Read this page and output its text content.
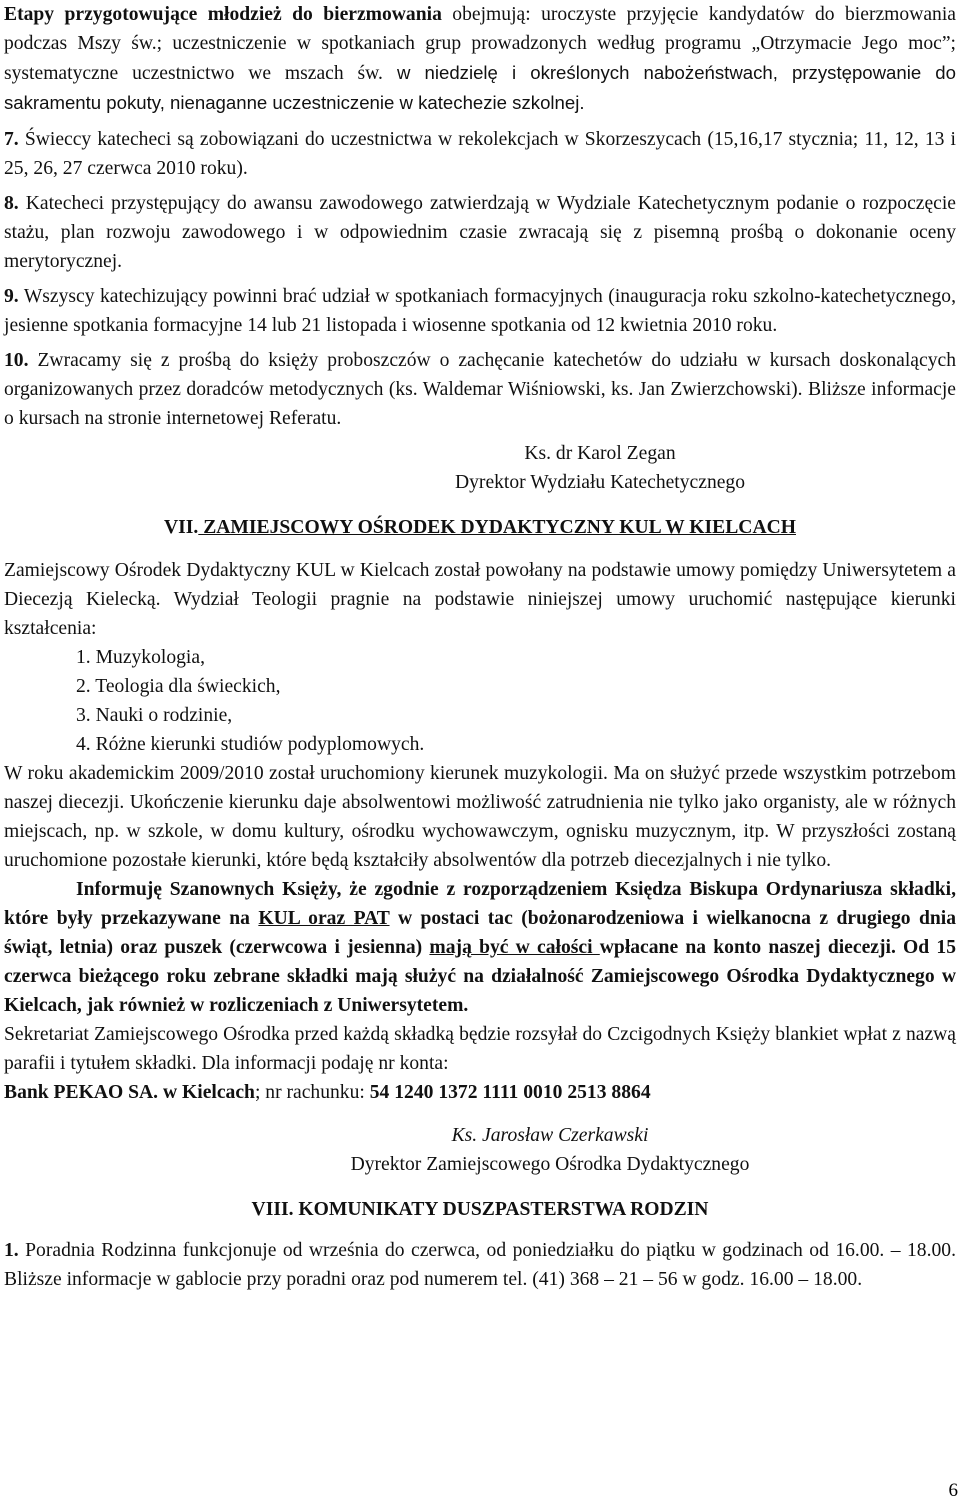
Etapy przygotowujące młodzież do bierzmowania obejmują: uroczyste przyjęcie kandydatów do bierzmowania podczas Mszy św.; uczestniczenie w spotkaniach grup prowadzonych według programu „Otrzymacie Jego moc”; systematyczne uczestnictwo we mszach św. w niedzielę i określonych nabożeństwach, przystępowanie do sakramentu pokuty, nienaganne uczestniczenie w katechezie szkolnej.

7. Świeccy katecheci są zobowiązani do uczestnictwa w rekolekcjach w Skorzeszycach (15,16,17 stycznia; 11, 12, 13 i 25, 26, 27 czerwca 2010 roku).

8. Katecheci przystępujący do awansu zawodowego zatwierdzają w Wydziale Katechetycznym podanie o rozpoczęcie stażu, plan rozwoju zawodowego i w odpowiednim czasie zwracają się z pisemną prośbą o dokonanie oceny merytorycznej.

9. Wszyscy katechizujący powinni brać udział w spotkaniach formacyjnych (inauguracja roku szkolno-katechetycznego, jesienne spotkania formacyjne 14 lub 21 listopada i wiosenne spotkania od 12 kwietnia 2010 roku.

10. Zwracamy się z prośbą do księży proboszczów o zachęcanie katechetów do udziału w kursach doskonalących organizowanych przez doradców metodycznych (ks. Waldemar Wiśniowski, ks. Jan Zwierzchowski). Bliższe informacje o kursach na stronie internetowej Referatu.

Ks. dr Karol Zegan

Dyrektor Wydziału Katechetycznego

VII. ZAMIEJSCOWY OŚRODEK DYDAKTYCZNY KUL W KIELCACH

Zamiejscowy Ośrodek Dydaktyczny KUL w Kielcach został powołany na podstawie umowy pomiędzy Uniwersytetem a Diecezją Kielecką. Wydział Teologii pragnie na podstawie niniejszej umowy uruchomić następujące kierunki kształcenia:

1. Muzykologia,

2. Teologia dla świeckich,

3. Nauki o rodzinie,

4. Różne kierunki studiów podyplomowych.

W roku akademickim 2009/2010 został uruchomiony kierunek muzykologii. Ma on służyć przede wszystkim potrzebom naszej diecezji. Ukończenie kierunku daje absolwentowi możliwość zatrudnienia nie tylko jako organisty, ale w różnych miejscach, np. w szkole, w domu kultury, ośrodku wychowawczym, ognisku muzycznym, itp. W przyszłości zostaną uruchomione pozostałe kierunki, które będą kształciły absolwentów dla potrzeb diecezjalnych i nie tylko.

Informuję Szanownych Księży, że zgodnie z rozporządzeniem Księdza Biskupa Ordynariusza składki, które były przekazywane na KUL oraz PAT w postaci tac (bożonarodzeniowa i wielkanocna z drugiego dnia świąt, letnia) oraz puszek (czerwcowa i jesienna) mają być w całości wpłacane na konto naszej diecezji. Od 15 czerwca bieżącego roku zebrane składki mają służyć na działalność Zamiejscowego Ośrodka Dydaktycznego w Kielcach, jak również w rozliczeniach z Uniwersytetem.

Sekretariat Zamiejscowego Ośrodka przed każdą składką będzie rozsyłał do Czcigodnych Księży blankiet wpłat z nazwą parafii i tytułem składki. Dla informacji podaję nr konta:

Bank PEKAO SA. w Kielcach; nr rachunku: 54 1240 1372 1111 0010 2513 8864

Ks. Jarosław Czerkawski

Dyrektor Zamiejscowego Ośrodka Dydaktycznego

VIII. KOMUNIKATY DUSZPASTERSTWA RODZIN

1. Poradnia Rodzinna funkcjonuje od września do czerwca, od poniedziałku do piątku w godzinach od 16.00. – 18.00. Bliższe informacje w gablocie przy poradni oraz pod numerem tel. (41) 368 – 21 – 56 w godz. 16.00 – 18.00.

6
